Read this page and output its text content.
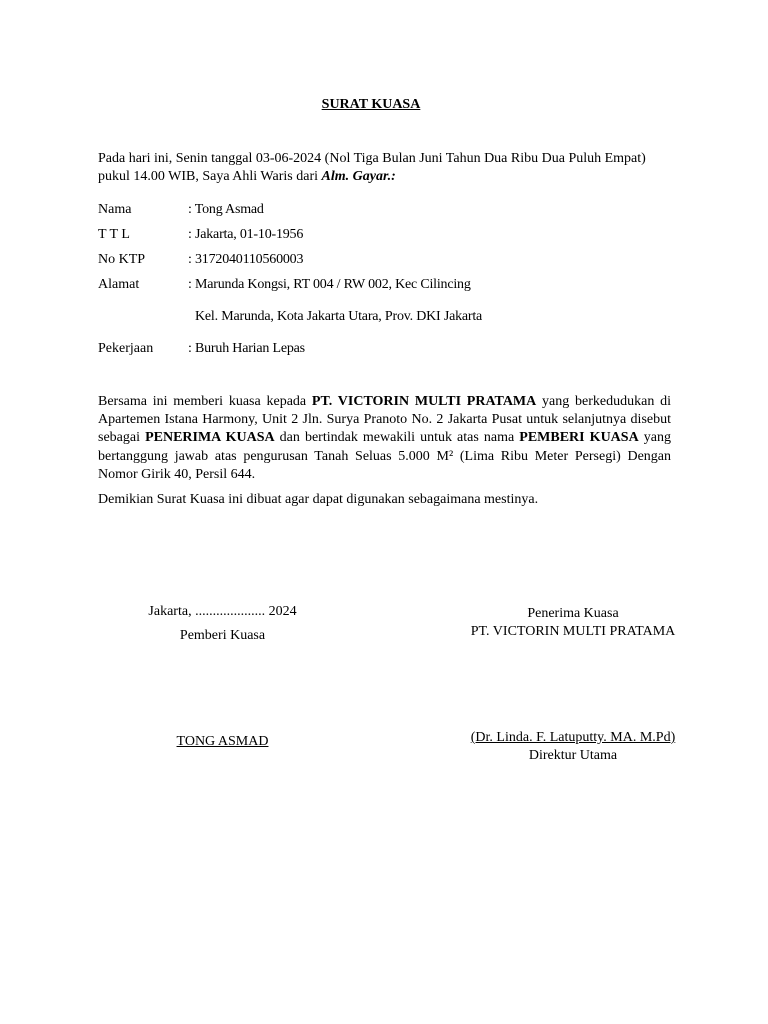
SURAT KUASA
Pada hari ini, Senin tanggal 03-06-2024 (Nol Tiga Bulan Juni Tahun Dua Ribu Dua Puluh Empat) pukul 14.00 WIB, Saya Ahli Waris dari Alm. Gayar.:
Nama	: Tong Asmad
T T L	: Jakarta, 01-10-1956
No KTP	: 3172040110560003
Alamat	: Marunda Kongsi, RT 004 / RW 002, Kec Cilincing
Kel. Marunda, Kota Jakarta Utara, Prov. DKI Jakarta
Pekerjaan : Buruh Harian Lepas
Bersama ini memberi kuasa kepada PT. VICTORIN MULTI PRATAMA yang berkedudukan di Apartemen Istana Harmony, Unit 2 Jln. Surya Pranoto No. 2 Jakarta Pusat untuk selanjutnya disebut sebagai PENERIMA KUASA dan bertindak mewakili untuk atas nama PEMBERI KUASA yang bertanggung jawab atas pengurusan Tanah Seluas 5.000 M² (Lima Ribu Meter Persegi) Dengan Nomor Girik 40, Persil 644.
Demikian Surat Kuasa ini dibuat agar dapat digunakan sebagaimana mestinya.
Jakarta, .................... 2024
Pemberi Kuasa
TONG ASMAD
Penerima Kuasa
PT. VICTORIN MULTI PRATAMA
(Dr. Linda. F. Latuputty. MA. M.Pd)
Direktur Utama
